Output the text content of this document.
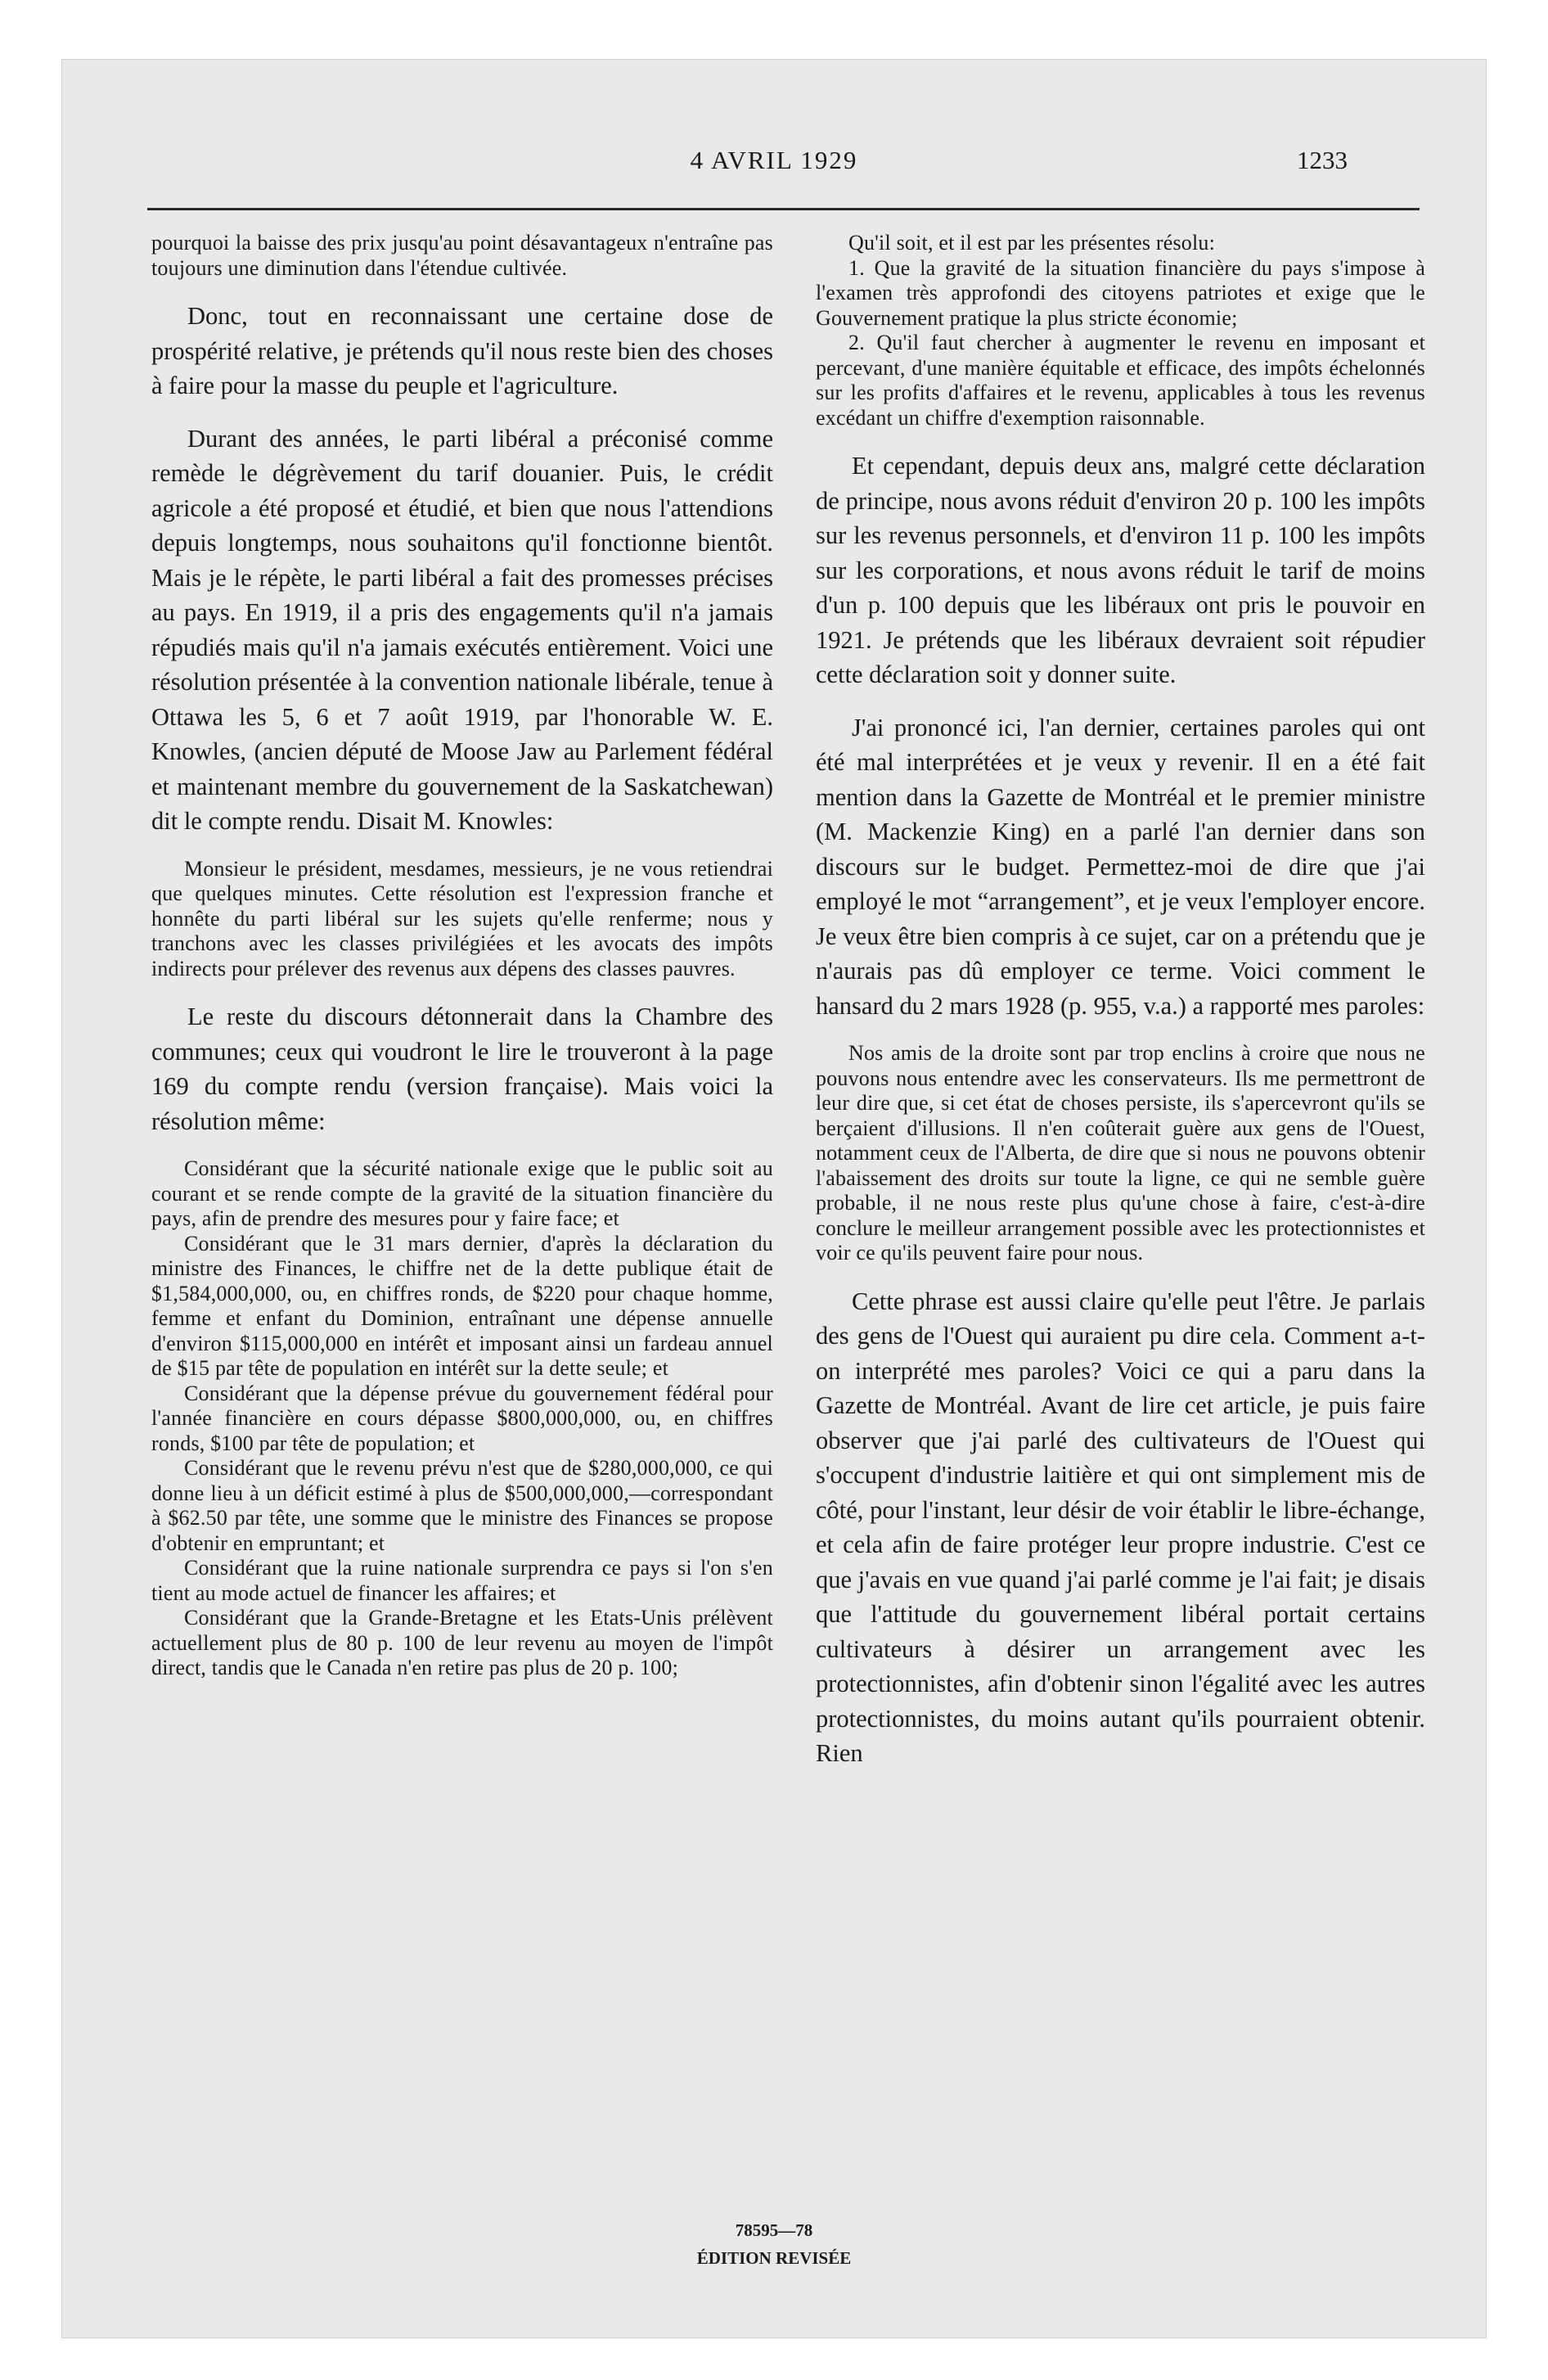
4 AVRIL 1929	1233

pourquoi la baisse des prix jusqu'au point désavantageux n'entraîne pas toujours une diminution dans l'étendue cultivée.

Donc, tout en reconnaissant une certaine dose de prospérité relative, je prétends qu'il nous reste bien des choses à faire pour la masse du peuple et l'agriculture.

Durant des années, le parti libéral a préconisé comme remède le dégrèvement du tarif douanier. Puis, le crédit agricole a été proposé et étudié, et bien que nous l'attendions depuis longtemps, nous souhaitons qu'il fonctionne bientôt. Mais je le répète, le parti libéral a fait des promesses précises au pays. En 1919, il a pris des engagements qu'il n'a jamais répudiés mais qu'il n'a jamais exécutés entièrement. Voici une résolution présentée à la convention nationale libérale, tenue à Ottawa les 5, 6 et 7 août 1919, par l'honorable W. E. Knowles, (ancien député de Moose Jaw au Parlement fédéral et maintenant membre du gouvernement de la Saskatchewan) dit le compte rendu. Disait M. Knowles:

Monsieur le président, mesdames, messieurs, je ne vous retiendrai que quelques minutes. Cette résolution est l'expression franche et honnête du parti libéral sur les sujets qu'elle renferme; nous y tranchons avec les classes privilégiées et les avocats des impôts indirects pour prélever des revenus aux dépens des classes pauvres.

Le reste du discours détonnerait dans la Chambre des communes; ceux qui voudront le lire le trouveront à la page 169 du compte rendu (version française). Mais voici la résolution même:

Considérant que la sécurité nationale exige que le public soit au courant et se rende compte de la gravité de la situation financière du pays, afin de prendre des mesures pour y faire face; et

Considérant que le 31 mars dernier, d'après la déclaration du ministre des Finances, le chiffre net de la dette publique était de $1,584,000,000, ou, en chiffres ronds, de $220 pour chaque homme, femme et enfant du Dominion, entraînant une dépense annuelle d'environ $115,000,000 en intérêt et imposant ainsi un fardeau annuel de $15 par tête de population en intérêt sur la dette seule; et

Considérant que la dépense prévue du gouvernement fédéral pour l'année financière en cours dépasse $800,000,000, ou, en chiffres ronds, $100 par tête de population; et

Considérant que le revenu prévu n'est que de $280,000,000, ce qui donne lieu à un déficit estimé à plus de $500,000,000,—correspondant à $62.50 par tête, une somme que le ministre des Finances se propose d'obtenir en empruntant; et

Considérant que la ruine nationale surprendra ce pays si l'on s'en tient au mode actuel de financer les affaires; et

Considérant que la Grande-Bretagne et les Etats-Unis prélèvent actuellement plus de 80 p. 100 de leur revenu au moyen de l'impôt direct, tandis que le Canada n'en retire pas plus de 20 p. 100;

Qu'il soit, et il est par les présentes résolu:

1. Que la gravité de la situation financière du pays s'impose à l'examen très approfondi des citoyens patriotes et exige que le Gouvernement pratique la plus stricte économie;

2. Qu'il faut chercher à augmenter le revenu en imposant et percevant, d'une manière équitable et efficace, des impôts échelonnés sur les profits d'affaires et le revenu, applicables à tous les revenus excédant un chiffre d'exemption raisonnable.

Et cependant, depuis deux ans, malgré cette déclaration de principe, nous avons réduit d'environ 20 p. 100 les impôts sur les revenus personnels, et d'environ 11 p. 100 les impôts sur les corporations, et nous avons réduit le tarif de moins d'un p. 100 depuis que les libéraux ont pris le pouvoir en 1921. Je prétends que les libéraux devraient soit répudier cette déclaration soit y donner suite.

J'ai prononcé ici, l'an dernier, certaines paroles qui ont été mal interprétées et je veux y revenir. Il en a été fait mention dans la Gazette de Montréal et le premier ministre (M. Mackenzie King) en a parlé l'an dernier dans son discours sur le budget. Permettez-moi de dire que j'ai employé le mot “arrangement”, et je veux l'employer encore. Je veux être bien compris à ce sujet, car on a prétendu que je n'aurais pas dû employer ce terme. Voici comment le hansard du 2 mars 1928 (p. 955, v.a.) a rapporté mes paroles:

Nos amis de la droite sont par trop enclins à croire que nous ne pouvons nous entendre avec les conservateurs. Ils me permettront de leur dire que, si cet état de choses persiste, ils s'apercevront qu'ils se berçaient d'illusions. Il n'en coûterait guère aux gens de l'Ouest, notamment ceux de l'Alberta, de dire que si nous ne pouvons obtenir l'abaissement des droits sur toute la ligne, ce qui ne semble guère probable, il ne nous reste plus qu'une chose à faire, c'est-à-dire conclure le meilleur arrangement possible avec les protectionnistes et voir ce qu'ils peuvent faire pour nous.

Cette phrase est aussi claire qu'elle peut l'être. Je parlais des gens de l'Ouest qui auraient pu dire cela. Comment a-t-on interprété mes paroles? Voici ce qui a paru dans la Gazette de Montréal. Avant de lire cet article, je puis faire observer que j'ai parlé des cultivateurs de l'Ouest qui s'occupent d'industrie laitière et qui ont simplement mis de côté, pour l'instant, leur désir de voir établir le libre-échange, et cela afin de faire protéger leur propre industrie. C'est ce que j'avais en vue quand j'ai parlé comme je l'ai fait; je disais que l'attitude du gouvernement libéral portait certains cultivateurs à désirer un arrangement avec les protectionnistes, afin d'obtenir sinon l'égalité avec les autres protectionnistes, du moins autant qu'ils pourraient obtenir. Rien

78595—78
ÉDITION REVISÉE
